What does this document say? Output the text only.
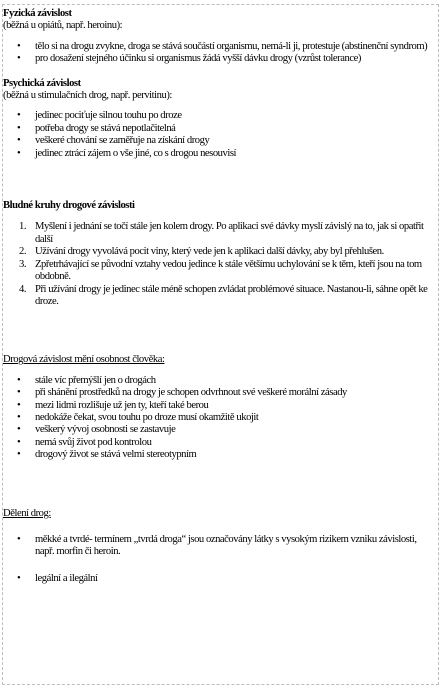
Fyzická závislost
(běžná u opiátů, např. heroinu):
• tělo si na drogu zvykne, droga se stává součástí organismu, nemá-li ji, protestuje (abstinenční syndrom)
• pro dosažení stejného účinku si organismus žádá vyšší dávku drogy (vzrůst tolerance)
Psychická závislost
(běžná u stimulačních drog, např. pervitinu):
• jedinec pociťuje silnou touhu po droze
• potřeba drogy se stává nepotlačitelná
• veškeré chování se zaměřuje na získání drogy
• jedinec ztrácí zájem o vše jiné, co s drogou nesouvisí
Bludné kruhy drogové závislosti
1. Myšlení i jednání se točí stále jen kolem drogy. Po aplikaci své dávky myslí závislý na to, jak si opatřit další
2. Užívání drogy vyvolává pocit viny, který vede jen k aplikaci další dávky, aby byl přehlušen.
3. Zpřetrhávající se původní vztahy vedou jedince k stále většímu uchylování se k těm, kteří jsou na tom obdobně.
4. Při užívání drogy je jedinec stále méně schopen zvládat problémové situace. Nastanou-li, sáhne opět ke droze.
Drogová závislost mění osobnost člověka:
• stále víc přemýšlí jen o drogách
• při shánění prostředků na drogy je schopen odvrhnout své veškeré morální zásady
• mezi lidmi rozlišuje už jen ty, kteří také berou
• nedokáže čekat, svou touhu po droze musí okamžitě ukojit
• veškerý vývoj osobnosti se zastavuje
• nemá svůj život pod kontrolou
• drogový život se stává velmi stereotypním
Dělení drog:
• měkké a tvrdé- termínem „tvrdá droga“ jsou označovány látky s vysokým rizikem vzniku závislosti, např. morfin či heroin.
• legální a ilegální
